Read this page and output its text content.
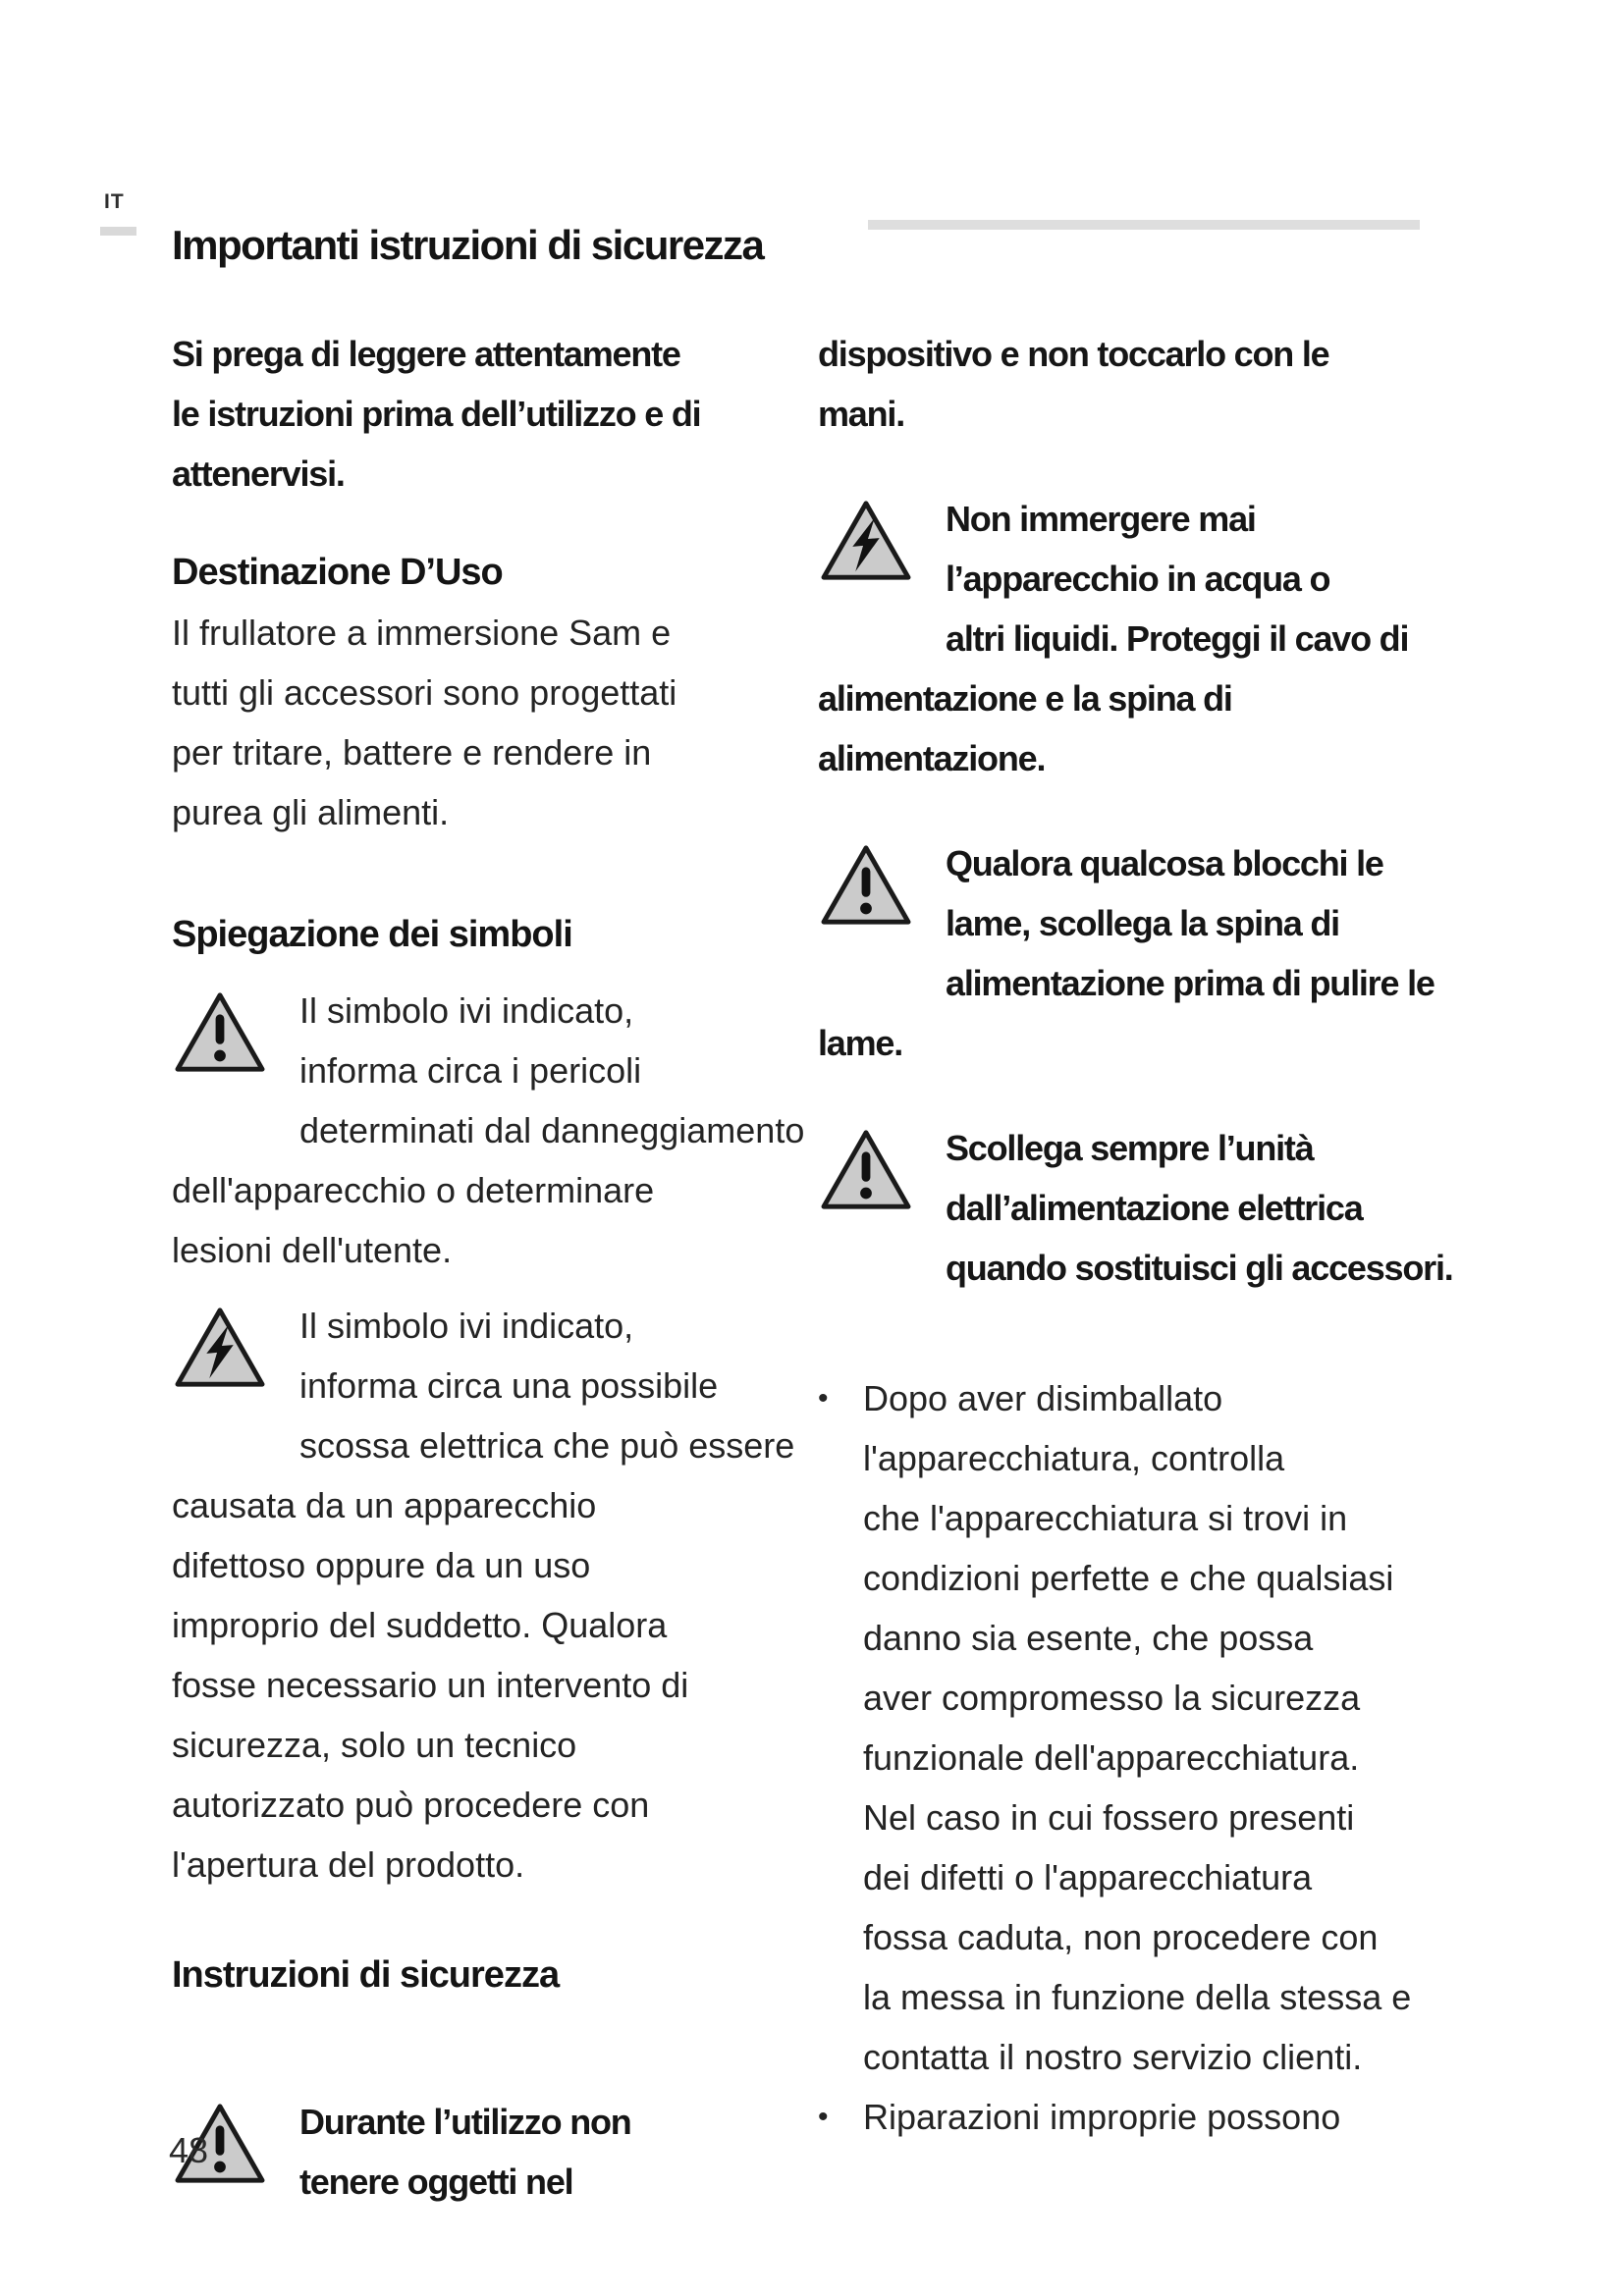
IT
Importanti istruzioni di sicurezza
Si prega di leggere attentamente
le istruzioni prima dell’utilizzo e di
attenervisi.
Destinazione D’Uso
Il frullatore a immersione Sam e
tutti gli accessori sono progettati
per tritare, battere e rendere in
purea gli alimenti.
Spiegazione dei simboli
Il simbolo ivi indicato,
informa circa i pericoli
determinati dal danneggiamento
dell'apparecchio o determinare
lesioni dell'utente.
Il simbolo ivi indicato,
informa circa una possibile
scossa elettrica che può essere
causata da un apparecchio
difettoso oppure da un uso
improprio del suddetto. Qualora
fosse necessario un intervento di
sicurezza, solo un tecnico
autorizzato può procedere con
l'apertura del prodotto.
Instruzioni di sicurezza
Durante l’utilizzo non
tenere oggetti nel
dispositivo e non toccarlo con le
mani.
Non immergere mai
l’apparecchio in acqua o
altri liquidi. Proteggi il cavo di
alimentazione e la spina di
alimentazione.
Qualora qualcosa blocchi le
lame, scollega la spina di
alimentazione prima di pulire le
lame.
Scollega sempre l’unità
dall’alimentazione elettrica
quando sostituisci gli accessori.
• Dopo aver disimballato
l'apparecchiatura, controlla
che l'apparecchiatura si trovi in
condizioni perfette e che qualsiasi
danno sia esente, che possa
aver compromesso la sicurezza
funzionale dell'apparecchiatura.
Nel caso in cui fossero presenti
dei difetti o l'apparecchiatura
fossa caduta, non procedere con
la messa in funzione della stessa e
contatta il nostro servizio clienti.
• Riparazioni improprie possono
48
